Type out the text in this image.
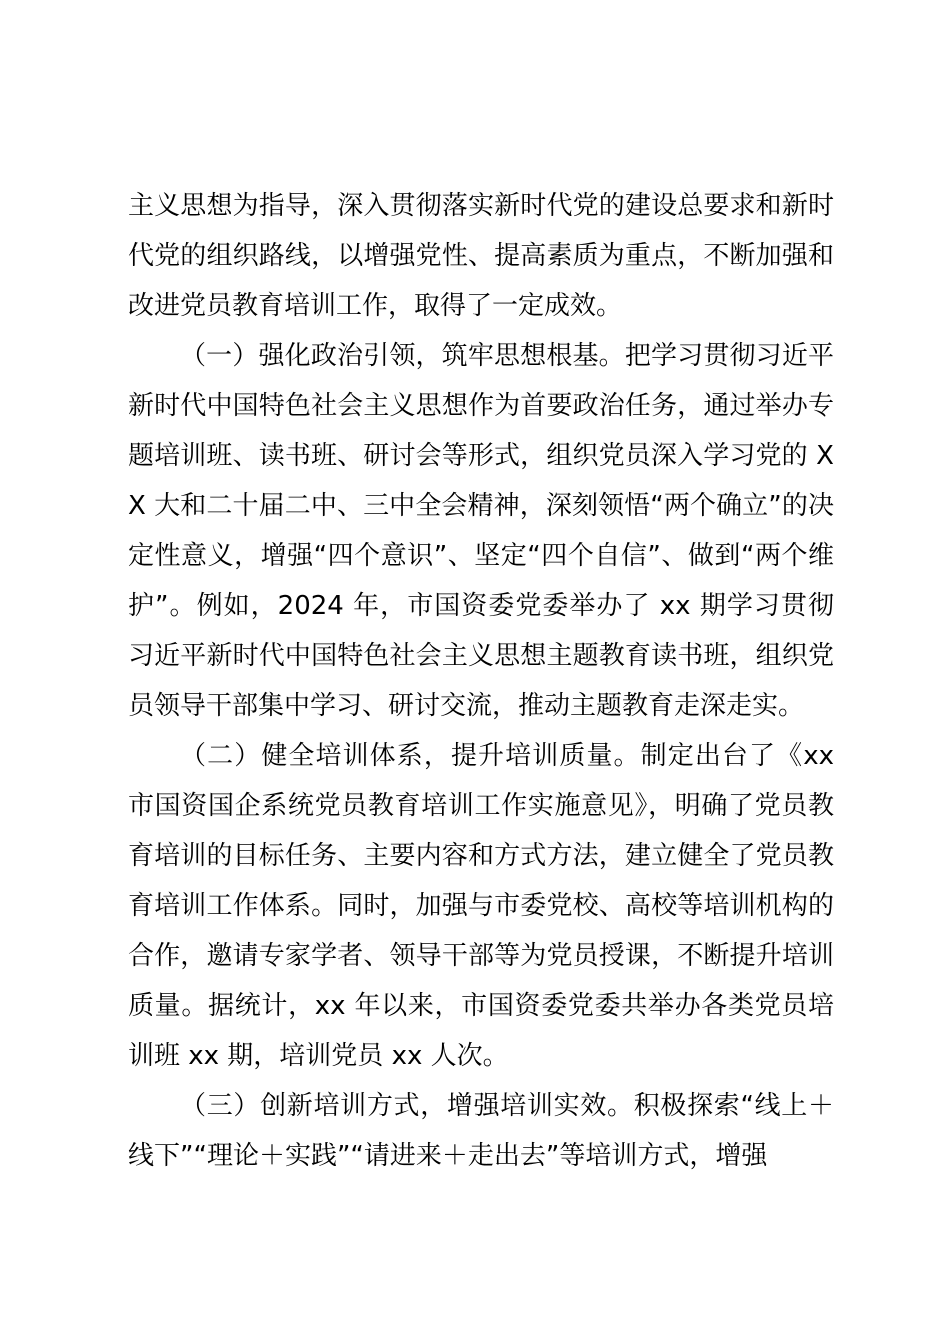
主义思想为指导，深入贯彻落实新时代党的建设总要求和新时代党的组织路线，以增强党性、提高素质为重点，不断加强和改进党员教育培训工作，取得了一定成效。

（一）强化政治引领，筑牢思想根基。把学习贯彻习近平新时代中国特色社会主义思想作为首要政治任务，通过举办专题培训班、读书班、研讨会等形式，组织党员深入学习党的 XX 大和二十届二中、三中全会精神，深刻领悟“两个确立”的决定性意义，增强“四个意识”、坚定“四个自信”、做到“两个维护”。例如，2024 年，市国资委党委举办了 xx 期学习贯彻习近平新时代中国特色社会主义思想主题教育读书班，组织党员领导干部集中学习、研讨交流，推动主题教育走深走实。

（二）健全培训体系，提升培训质量。制定出台了《xx 市国资国企系统党员教育培训工作实施意见》，明确了党员教育培训的目标任务、主要内容和方式方法，建立健全了党员教育培训工作体系。同时，加强与市委党校、高校等培训机构的合作，邀请专家学者、领导干部等为党员授课，不断提升培训质量。据统计，xx 年以来，市国资委党委共举办各类党员培训班 xx 期，培训党员 xx 人次。

（三）创新培训方式，增强培训实效。积极探索“线上＋线下”“理论＋实践”“请进来＋走出去”等培训方式，增强
